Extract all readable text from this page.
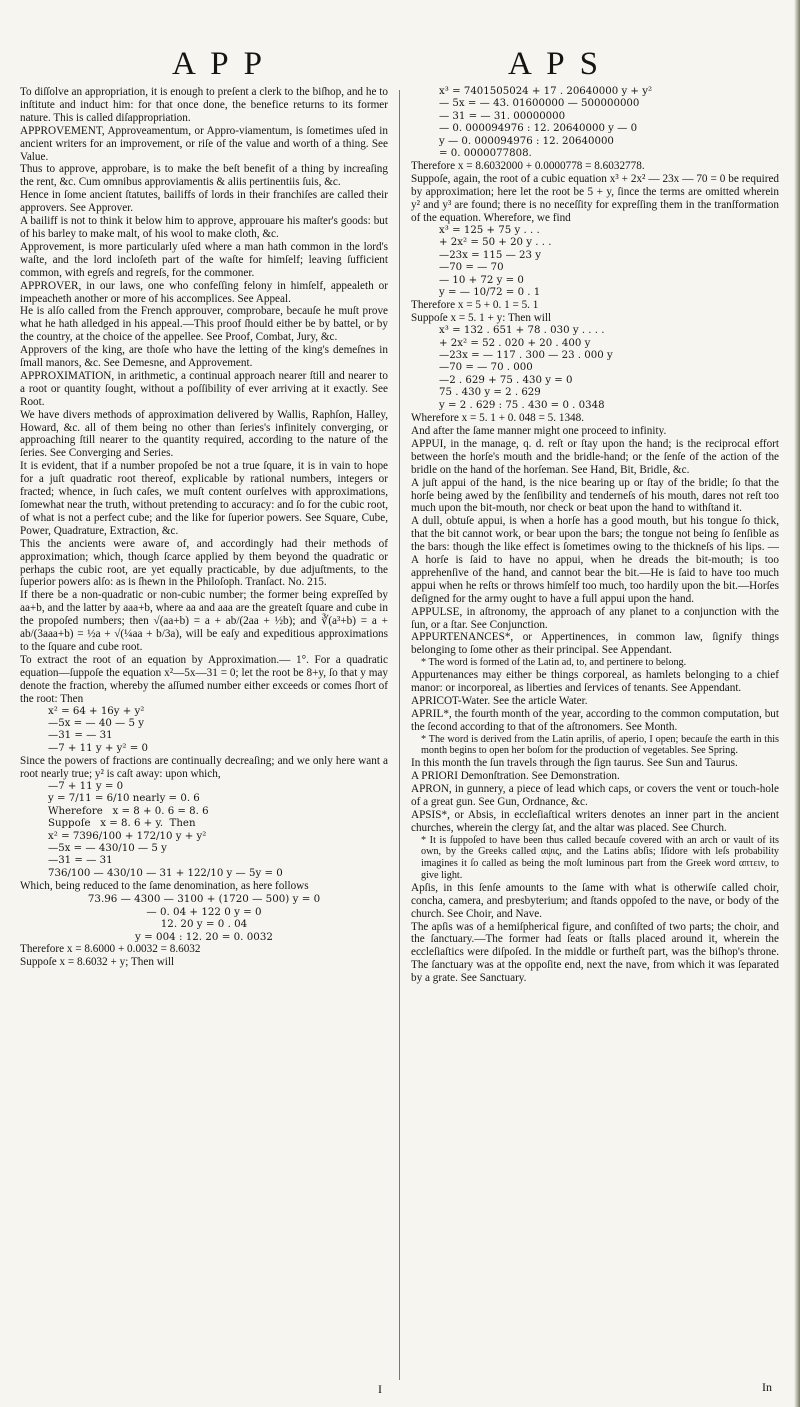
A P P	A P S

To diſſolve an appropriation, it is enough to preſent a clerk to the biſhop, and he to inſtitute and induct him: for that once done, the benefice returns to its former nature. This is called diſappropriation.

APPROVEMENT, Approveamentum, or Appro-viamentum, is ſometimes uſed in ancient writers for an improvement, or riſe of the value and worth of a thing. See Value.

Thus to approve, approbare, is to make the beſt benefit of a thing by increaſing the rent, &c. Cum omnibus approviamentis & aliis pertinentiis ſuis, &c.

Hence in ſome ancient ſtatutes, bailiffs of lords in their franchiſes are called their approvers. See Approver.

A bailiff is not to think it below him to approve, approuare his maſter's goods: but of his barley to make malt, of his wool to make cloth, &c.

Approvement, is more particularly uſed where a man hath common in the lord's waſte, and the lord incloſeth part of the waſte for himſelf; leaving ſufficient common, with egreſs and regreſs, for the commoner.

APPROVER, in our laws, one who confeſſing felony in himſelf, appealeth or impeacheth another or more of his accomplices. See Appeal.

He is alſo called from the French approuver, comprobare, becauſe he muſt prove what he hath alledged in his appeal.—This proof ſhould either be by battel, or by the country, at the choice of the appellee. See Proof, Combat, Jury, &c.

Approvers of the king, are thoſe who have the letting of the king's demeſnes in ſmall manors, &c. See Demesne, and Approvement.

APPROXIMATION, in arithmetic, a continual approach nearer ſtill and nearer to a root or quantity ſought, without a poſſibility of ever arriving at it exactly. See Root.

We have divers methods of approximation delivered by Wallis, Raphſon, Halley, Howard, &c. all of them being no other than ſeries's infinitely converging, or approaching ſtill nearer to the quantity required, according to the nature of the ſeries. See Converging and Series.

It is evident, that if a number propoſed be not a true ſquare, it is in vain to hope for a juſt quadratic root thereof, explicable by rational numbers, integers or fracted; whence, in ſuch caſes, we muſt content ourſelves with approximations, ſomewhat near the truth, without pretending to accuracy: and ſo for the cubic root, of what is not a perfect cube; and the like for ſuperior powers. See Square, Cube, Power, Quadrature, Extraction, &c.

This the ancients were aware of, and accordingly had their methods of approximation; which, though ſcarce applied by them beyond the quadratic or perhaps the cubic root, are yet equally practicable, by due adjuſtments, to the ſuperior powers alſo: as is ſhewn in the Philoſoph. Tranſact. No. 215.

If there be a non-quadratic or non-cubic number; the former being expreſſed by aa+b, and the latter by aaa+b, where aa and aaa are the greateſt ſquare and cube in the propoſed numbers; then √(aa+b) = a + ab/(2aa + ½b); and ∛(a³+b) = a + ab/(3aaa+b) = ½a + √(¼aa + b/3a), will be eaſy and expeditious approximations to the ſquare and cube root.

To extract the root of an equation by Approximation.— 1°. For a quadratic equation—ſuppoſe the equation x²—5x—31 = 0; let the root be 8+y, ſo that y may denote the fraction, whereby the aſſumed number either exceeds or comes ſhort of the root: Then

x² = 64 + 16y + y²
—5x = — 40 — 5 y
—31 = — 31
—7 + 11 y + y² = 0

Since the powers of fractions are continually decreaſing; and we only here want a root nearly true; y² is caſt away: upon which,

—7 + 11 y = 0
y = 7/11 = 6/10 nearly = 0. 6
Wherefore   x = 8 + 0. 6 = 8. 6
Suppoſe   x = 8. 6 + y.  Then
x² = 7396/100 + 172/10 y + y²
—5x = — 430/10 — 5 y
—31 = — 31
736/100 — 430/10 — 31 + 122/10 y — 5y = 0

Which, being reduced to the ſame denomination, as here follows

73.96 — 4300 — 3100 + (1720 — 500) y = 0
— 0. 04 + 122 0 y = 0
12. 20 y = 0 . 04
y = 004 : 12. 20 = 0. 0032

Therefore x = 8.6000 + 0.0032 = 8.6032

Suppoſe x = 8.6032 + y; Then will

x³ = 7401505024 + 17 . 20640000 y + y²
— 5x = — 43. 01600000 — 500000000
— 31 = — 31. 00000000
— 0. 000094976 : 12. 20640000 y — 0
y — 0. 000094976 : 12. 20640000
= 0. 0000077808.

Therefore x = 8.6032000 + 0.0000778 = 8.6032778.

Suppoſe, again, the root of a cubic equation x³ + 2x² — 23x — 70 = 0 be required by approximation; here let the root be 5 + y, ſince the terms are omitted wherein y² and y³ are found; there is no neceſſity for expreſſing them in the tranſformation of the equation. Wherefore, we find

x³ = 125 + 75 y . . .
+ 2x² = 50 + 20 y . . .
—23x = 115 — 23 y
—70 = — 70
— 10 + 72 y = 0
y = — 10/72 = 0 . 1

Therefore x = 5 + 0. 1 = 5. 1

Suppoſe x = 5. 1 + y: Then will

x³ = 132 . 651 + 78 . 030 y . . . .
+ 2x² = 52 . 020 + 20 . 400 y
—23x = — 117 . 300 — 23 . 000 y
—70 = — 70 . 000
—2 . 629 + 75 . 430 y = 0
75 . 430 y = 2 . 629
y = 2 . 629 : 75 . 430 = 0 . 0348

Wherefore x = 5. 1 + 0. 048 = 5. 1348.

And after the ſame manner might one proceed to infinity.

APPUI, in the manage, q. d. reſt or ſtay upon the hand; is the reciprocal effort between the horſe's mouth and the bridle-hand; or the ſenſe of the action of the bridle on the hand of the horſeman. See Hand, Bit, Bridle, &c.

A juſt appui of the hand, is the nice bearing up or ſtay of the bridle; ſo that the horſe being awed by the ſenſibility and tenderneſs of his mouth, dares not reſt too much upon the bit-mouth, nor check or beat upon the hand to withſtand it.

A dull, obtuſe appui, is when a horſe has a good mouth, but his tongue ſo thick, that the bit cannot work, or bear upon the bars; the tongue not being ſo ſenſible as the bars: though the like effect is ſometimes owing to the thickneſs of his lips. —A horſe is ſaid to have no appui, when he dreads the bit-mouth; is too apprehenſive of the hand, and cannot bear the bit.—He is ſaid to have too much appui when he reſts or throws himſelf too much, too hardily upon the bit.—Horſes deſigned for the army ought to have a full appui upon the hand.

APPULSE, in aſtronomy, the approach of any planet to a conjunction with the ſun, or a ſtar. See Conjunction.

APPURTENANCES*, or Appertinences, in common law, ſignify things belonging to ſome other as their principal. See Appendant.

* The word is formed of the Latin ad, to, and pertinere to belong.

Appurtenances may either be things corporeal, as hamlets belonging to a chief manor: or incorporeal, as liberties and ſervices of tenants. See Appendant.

APRICOT-Water. See the article Water.

APRIL*, the fourth month of the year, according to the common computation, but the ſecond according to that of the aſtronomers. See Month.

* The word is derived from the Latin aprilis, of aperio, I open; becauſe the earth in this month begins to open her boſom for the production of vegetables. See Spring.

In this month the ſun travels through the ſign taurus. See Sun and Taurus.

A PRIORI Demonſtration. See Demonstration.

APRON, in gunnery, a piece of lead which caps, or covers the vent or touch-hole of a great gun. See Gun, Ordnance, &c.

APSIS*, or Absis, in eccleſiaſtical writers denotes an inner part in the ancient churches, wherein the clergy ſat, and the altar was placed. See Church.

* It is ſuppoſed to have been thus called becauſe covered with an arch or vault of its own, by the Greeks called αψις, and the Latins abſis; Iſidore with leſs probability imagines it ſo called as being the moſt luminous part from the Greek word απτειν, to give light.

Apſis, in this ſenſe amounts to the ſame with what is otherwiſe called choir, concha, camera, and presbyterium; and ſtands oppoſed to the nave, or body of the church. See Choir, and Nave.

The apſis was of a hemiſpherical figure, and conſiſted of two parts; the choir, and the ſanctuary.—The former had ſeats or ſtalls placed around it, wherein the eccleſiaſtics were diſpoſed. In the middle or furtheſt part, was the biſhop's throne. The ſanctuary was at the oppoſite end, next the nave, from which it was ſeparated by a grate. See Sanctuary.

I	In
